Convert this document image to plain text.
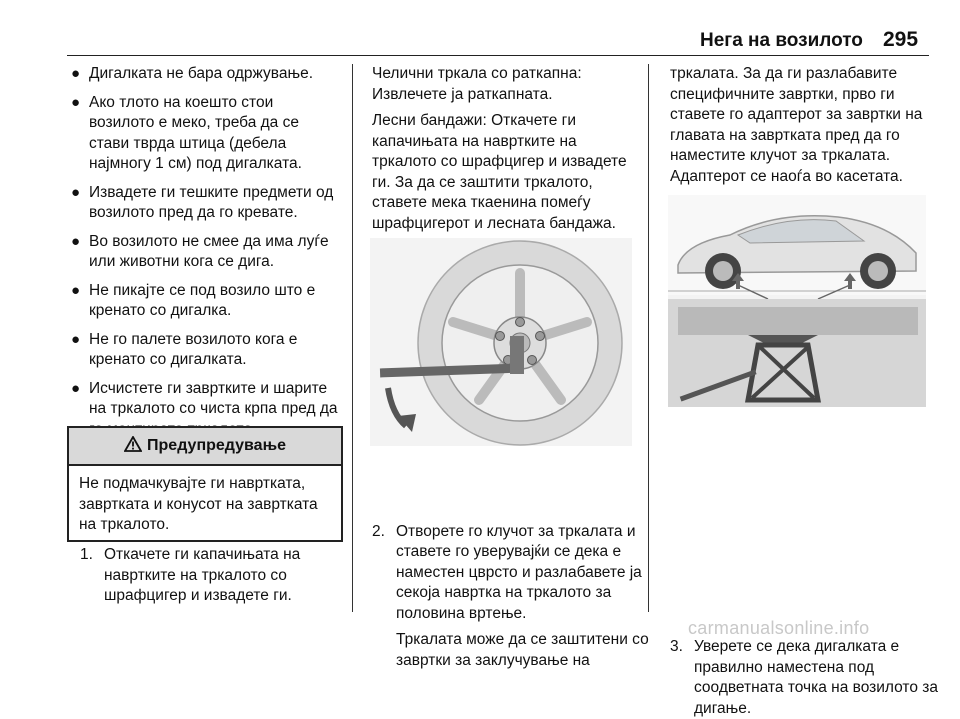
Нега на возилото 295
● Дигалката не бара одржување.
● Ако тлото на коешто стои возилото е меко, треба да се стави тврда штица (дебела најмногу 1 см) под дигалката.
● Извадете ги тешките предмети од возилото пред да го кревате.
● Во возилото не смее да има луѓе или животни кога се дига.
● Не пикајте се под возило што е кренато со дигалка.
● Не го палете возилото кога е кренато со дигалката.
● Исчистете ги завртките и шарите на тркалото со чиста крпа пред да
Предупредување
Не подмачкувајте ги навртката, завртката и конусот на завртката на тркалото.
1. Откачете ги капачињата на навртките на тркалото со шрафцигер и извадете ги.

Челични тркала со раткапна: Извлечете ја раткапната.

Лесни бандажи: Откачете ги капачињата на навртките на тркалото со шрафцигер и извадете ги. За да се заштити тркалото, ставете мека ткаенина помеѓу шрафцигерот и лесната бандажа.

2. Отворете го клучот за тркалата и ставете го уверувајќи се дека е наместен цврсто и разлабавете ја секоја навртка на тркалото за половина вртење.

Тркалата може да се заштитени со завртки за заклучување на

тркалата. За да ги разлабавите специфичните завртки, прво ги ставете го адаптерот за завртки на главата на завртката пред да го наместите клучот за тркалата. Адаптерот се наоѓа во касетата.

3. Уверете се дека дигалката е правилно наместена под соодветната точка на возилото за дигање.
carmanualsonline.info
